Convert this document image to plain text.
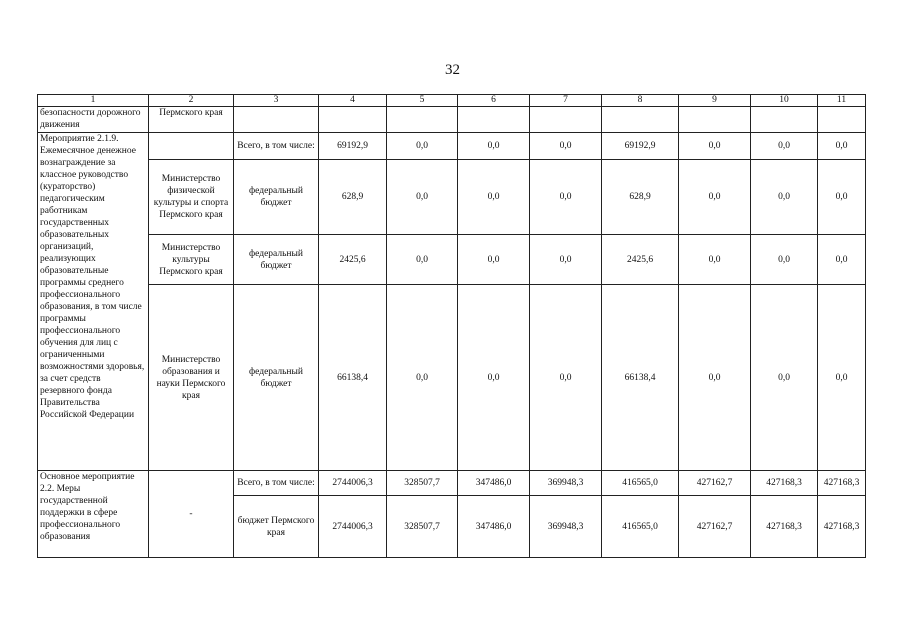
32
1	2	3	4	5	6	7	8	9	10	11
безопасности дорожного движения	Пермского края									
Мероприятие 2.1.9. Ежемесячное денежное вознаграждение за классное руководство (кураторство) педагогическим работникам государственных образовательных организаций, реализующих образовательные программы среднего профессионального образования, в том числе программы профессионального обучения для лиц с ограниченными возможностями здоровья, за счет средств резервного фонда Правительства Российской Федерации		Всего, в том числе:	69192,9	0,0	0,0	0,0	69192,9	0,0	0,0	0,0
	Министерство физической культуры и спорта Пермского края	федеральный бюджет	628,9	0,0	0,0	0,0	628,9	0,0	0,0	0,0
	Министерство культуры Пермского края	федеральный бюджет	2425,6	0,0	0,0	0,0	2425,6	0,0	0,0	0,0
	Министерство образования и науки Пермского края	федеральный бюджет	66138,4	0,0	0,0	0,0	66138,4	0,0	0,0	0,0
Основное мероприятие 2.2. Меры государственной поддержки в сфере профессионального образования	-	Всего, в том числе:	2744006,3	328507,7	347486,0	369948,3	416565,0	427162,7	427168,3	427168,3
		бюджет Пермского края	2744006,3	328507,7	347486,0	369948,3	416565,0	427162,7	427168,3	427168,3
